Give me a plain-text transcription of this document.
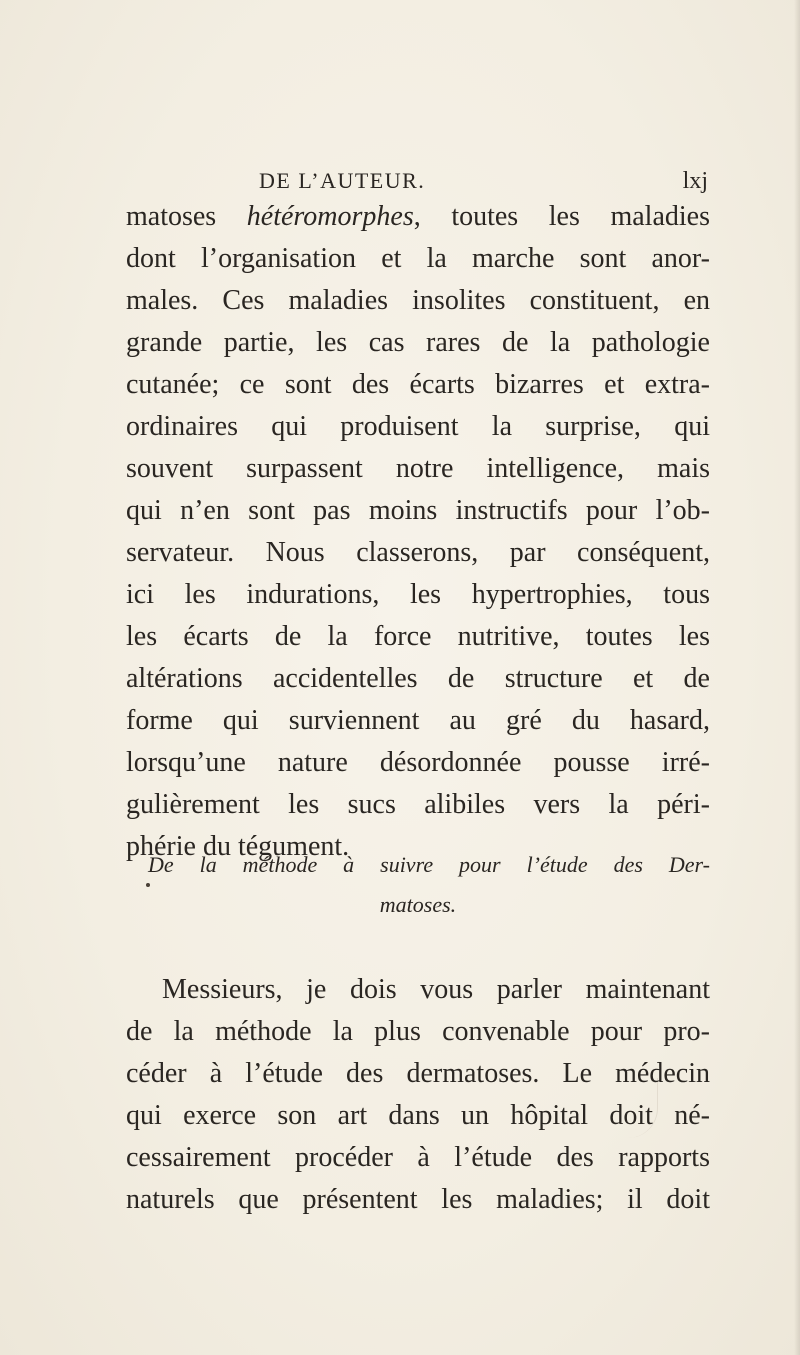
DE L’AUTEUR.	lxj
matoses hétéromorphes, toutes les maladies
dont l’organisation et la marche sont anor-
males. Ces maladies insolites constituent, en
grande partie, les cas rares de la pathologie
cutanée; ce sont des écarts bizarres et extra-
ordinaires qui produisent la surprise, qui
souvent surpassent notre intelligence, mais
qui n’en sont pas moins instructifs pour l’ob-
servateur. Nous classerons, par conséquent,
ici les indurations, les hypertrophies, tous
les écarts de la force nutritive, toutes les
altérations accidentelles de structure et de
forme qui surviennent au gré du hasard,
lorsqu’une nature désordonnée pousse irré-
gulièrement les sucs alibiles vers la péri-
phérie du tégument.
De la méthode à suivre pour l’étude des Der-
matoses.
Messieurs, je dois vous parler maintenant
de la méthode la plus convenable pour pro-
céder à l’étude des dermatoses. Le médecin
qui exerce son art dans un hôpital doit né-
cessairement procéder à l’étude des rapports
naturels que présentent les maladies; il doit
